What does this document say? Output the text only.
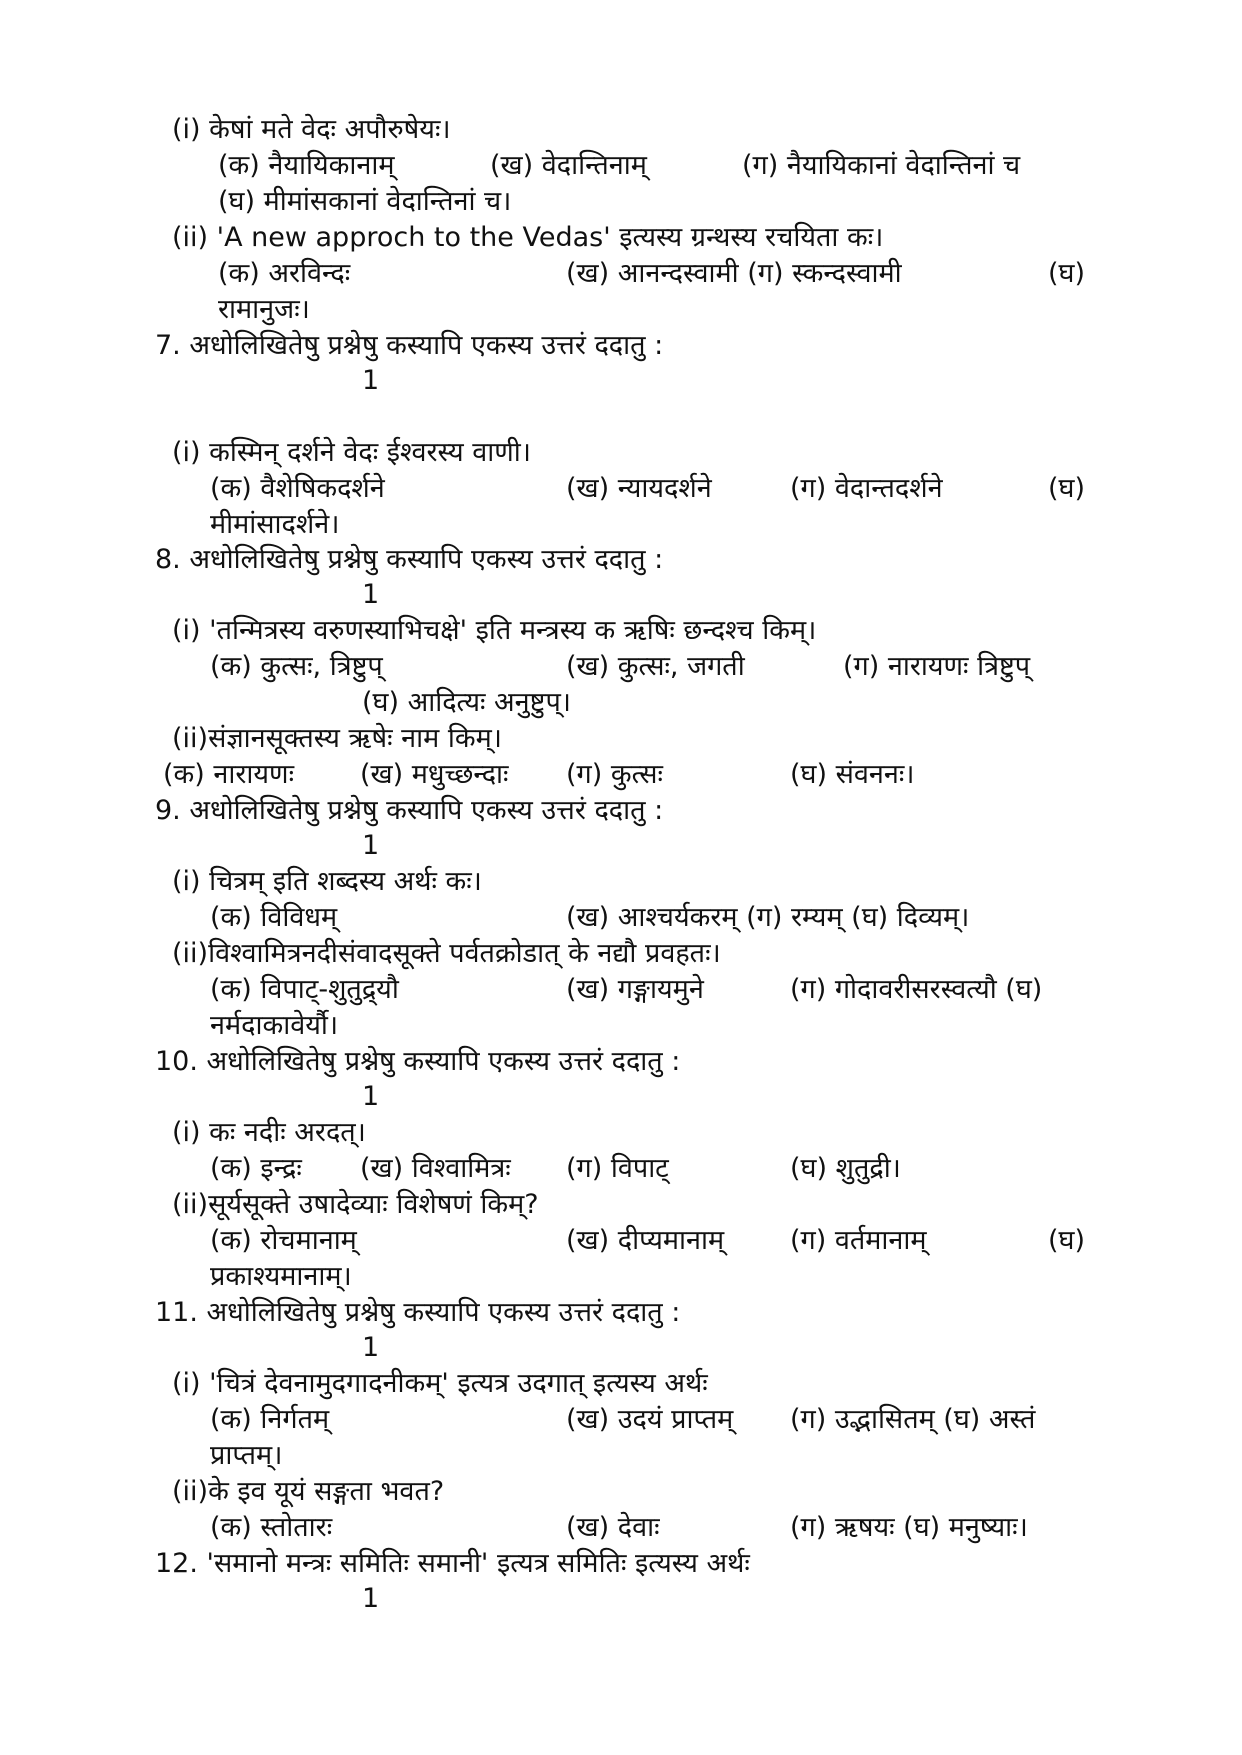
(i) केषां मते वेदः अपौरुषेयः।
(क) नैयायिकानाम्	(ख) वेदान्तिनाम्	(ग) नैयायिकानां वेदान्तिनां च
(घ) मीमांसकानां वेदान्तिनां च।
(ii) 'A new approch to the Vedas' इत्यस्य ग्रन्थस्य रचयिता कः।
(क) अरविन्दः	(ख) आनन्दस्वामी (ग) स्कन्दस्वामी	(घ)
रामानुजः।
7. अधोलिखितेषु प्रश्नेषु कस्यापि एकस्य उत्तरं ददातु :
1
(i) कस्मिन् दर्शने वेदः ईश्वरस्य वाणी।
(क) वैशेषिकदर्शने	(ख) न्यायदर्शने	(ग) वेदान्तदर्शने	(घ)
मीमांसादर्शने।
8. अधोलिखितेषु प्रश्नेषु कस्यापि एकस्य उत्तरं ददातु :
1
(i) 'तन्मित्रस्य वरुणस्याभिचक्षे' इति मन्त्रस्य क ऋषिः छन्दश्च किम्।
(क) कुत्सः, त्रिष्टुप्	(ख) कुत्सः, जगती	(ग) नारायणः त्रिष्टुप्
(घ) आदित्यः अनुष्टुप्।
(ii)संज्ञानसूक्तस्य ऋषेः नाम किम्।
(क) नारायणः (ख) मधुच्छन्दाः (ग) कुत्सः	(घ) संवननः।
9. अधोलिखितेषु प्रश्नेषु कस्यापि एकस्य उत्तरं ददातु :
1
(i) चित्रम् इति शब्दस्य अर्थः कः।
(क) विविधम्	(ख) आश्चर्यकरम् (ग) रम्यम् (घ) दिव्यम्।
(ii)विश्वामित्रनदीसंवादसूक्ते पर्वतक्रोडात् के नद्यौ प्रवहतः।
(क) विपाट्-शुतुद्र्यौ	(ख) गङ्गायमुने	(ग) गोदावरीसरस्वत्यौ (घ)
नर्मदाकावेर्यौ।
10. अधोलिखितेषु प्रश्नेषु कस्यापि एकस्य उत्तरं ददातु :
1
(i) कः नदीः अरदत्।
(क) इन्द्रः (ख) विश्वामित्रः (ग) विपाट्	(घ) शुतुद्री।
(ii)सूर्यसूक्ते उषादेव्याः विशेषणं किम्?
(क) रोचमानाम्	(ख) दीप्यमानाम् (ग) वर्तमानाम्	(घ)
प्रकाश्यमानाम्।
11. अधोलिखितेषु प्रश्नेषु कस्यापि एकस्य उत्तरं ददातु :
1
(i) 'चित्रं देवनामुदगादनीकम्' इत्यत्र उदगात् इत्यस्य अर्थः
(क) निर्गतम्	(ख) उदयं प्राप्तम् (ग) उद्भासितम् (घ) अस्तं
प्राप्तम्।
(ii)के इव यूयं सङ्गता भवत?
(क) स्तोतारः	(ख) देवाः	(ग) ऋषयः (घ) मनुष्याः।
12. 'समानो मन्त्रः समितिः समानी' इत्यत्र समितिः इत्यस्य अर्थः
1
